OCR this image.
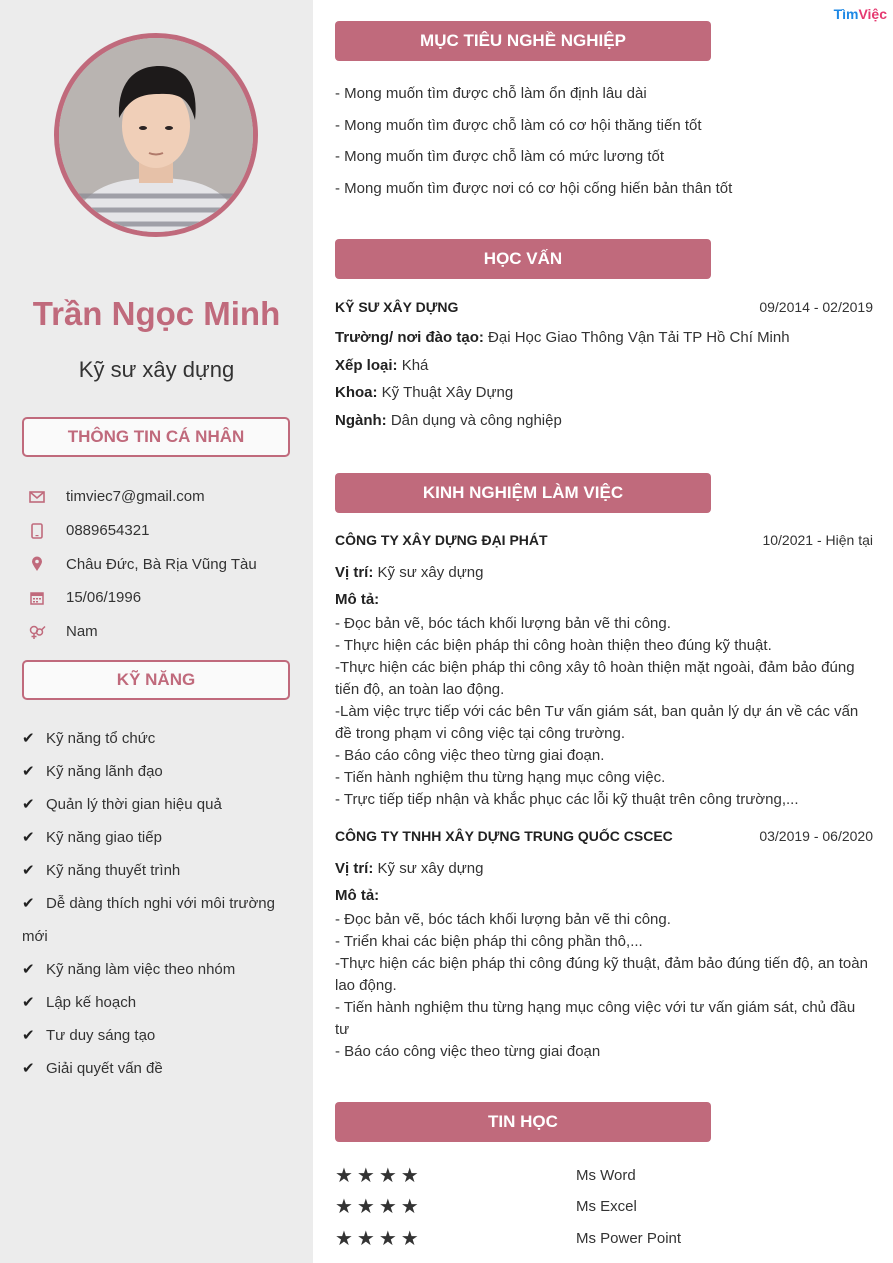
Trần Ngọc Minh
Kỹ sư xây dựng
THÔNG TIN CÁ NHÂN
timviec7@gmail.com
0889654321
Châu Đức, Bà Rịa Vũng Tàu
15/06/1996
Nam
KỸ NĂNG
✔ Kỹ năng tổ chức
✔ Kỹ năng lãnh đạo
✔ Quản lý thời gian hiệu quả
✔ Kỹ năng giao tiếp
✔ Kỹ năng thuyết trình
✔ Dễ dàng thích nghi với môi trường mới
✔ Kỹ năng làm việc theo nhóm
✔ Lập kế hoạch
✔ Tư duy sáng tạo
✔ Giải quyết vấn đề
TìmViệc
MỤC TIÊU NGHỀ NGHIỆP
- Mong muốn tìm được chỗ làm ổn định lâu dài
- Mong muốn tìm được chỗ làm có cơ hội thăng tiến tốt
- Mong muốn tìm được chỗ làm có mức lương tốt
- Mong muốn tìm được nơi có cơ hội cống hiến bản thân tốt
HỌC VẤN
KỸ SƯ XÂY DỰNG	09/2014 - 02/2019
Trường/ nơi đào tạo: Đại Học Giao Thông Vận Tải TP Hồ Chí Minh
Xếp loại: Khá
Khoa: Kỹ Thuật Xây Dựng
Ngành: Dân dụng và công nghiệp
KINH NGHIỆM LÀM VIỆC
CÔNG TY XÂY DỰNG ĐẠI PHÁT	10/2021 - Hiện tại
Vị trí: Kỹ sư xây dựng
Mô tả:
- Đọc bản vẽ, bóc tách khối lượng bản vẽ thi công.
- Thực hiện các biện pháp thi công hoàn thiện theo đúng kỹ thuật.
-Thực hiện các biện pháp thi công xây tô hoàn thiện mặt ngoài, đảm bảo đúng tiến độ, an toàn lao động.
-Làm việc trực tiếp với các bên Tư vấn giám sát, ban quản lý dự án về các vấn đề trong phạm vi công việc tại công trường.
- Báo cáo công việc theo từng giai đoạn.
- Tiến hành nghiệm thu từng hạng mục công việc.
- Trực tiếp tiếp nhận và khắc phục các lỗi kỹ thuật trên công trường,...
CÔNG TY TNHH XÂY DỰNG TRUNG QUỐC CSCEC	03/2019 - 06/2020
Vị trí: Kỹ sư xây dựng
Mô tả:
- Đọc bản vẽ, bóc tách khối lượng bản vẽ thi công.
- Triển khai các biện pháp thi công phần thô,...
-Thực hiện các biện pháp thi công đúng kỹ thuật, đảm bảo đúng tiến độ, an toàn lao động.
- Tiến hành nghiệm thu từng hạng mục công việc với tư vấn giám sát, chủ đầu tư
- Báo cáo công việc theo từng giai đoạn
TIN HỌC
★★★★	Ms Word
★★★★	Ms Excel
★★★★	Ms Power Point
